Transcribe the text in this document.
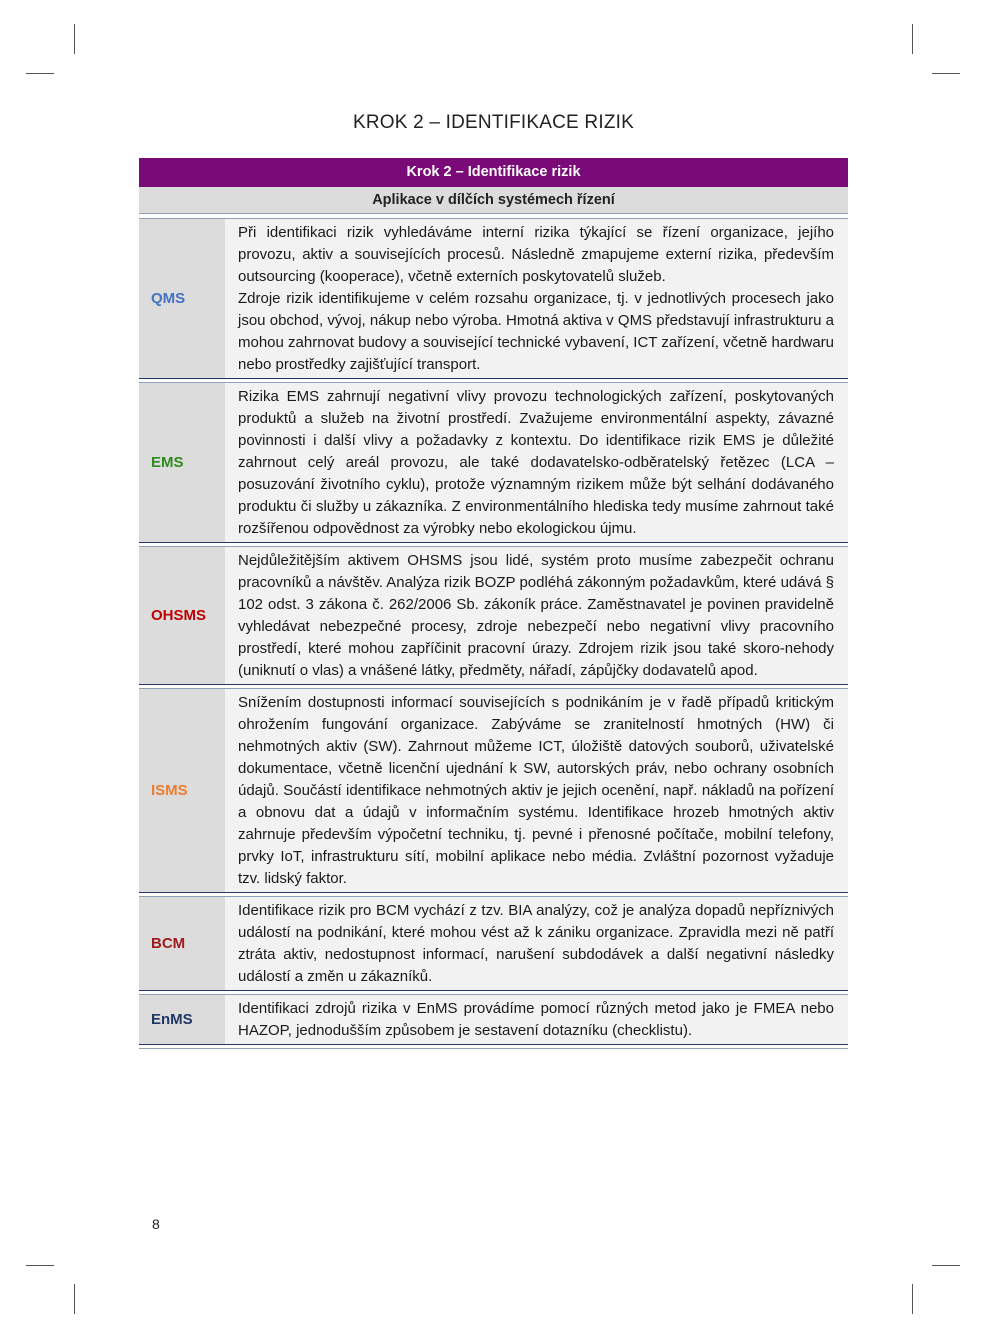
KROK 2 – IDENTIFIKACE RIZIK
Krok 2 – Identifikace rizik
Aplikace v dílčích systémech řízení
QMS

Při identifikaci rizik vyhledáváme interní rizika týkající se řízení organizace, jejího provozu, aktiv a souvisejících procesů. Následně zmapujeme externí rizika, především outsourcing (kooperace), včetně externích poskytovatelů služeb.

Zdroje rizik identifikujeme v celém rozsahu organizace, tj. v jednotlivých procesech jako jsou obchod, vývoj, nákup nebo výroba. Hmotná aktiva v QMS představují infrastrukturu a mohou zahrnovat budovy a související technické vybavení, ICT zařízení, včetně hardwaru nebo prostředky zajišťující transport.

EMS

Rizika EMS zahrnují negativní vlivy provozu technologických zařízení, poskytovaných produktů a služeb na životní prostředí. Zvažujeme environmentální aspekty, závazné povinnosti i další vlivy a požadavky z kontextu. Do identifikace rizik EMS je důležité zahrnout celý areál provozu, ale také dodavatelsko-odběratelský řetězec (LCA – posuzování životního cyklu), protože významným rizikem může být selhání dodávaného produktu či služby u zákazníka. Z environmentálního hlediska tedy musíme zahrnout také rozšířenou odpovědnost za výrobky nebo ekologickou újmu.

OHSMS

Nejdůležitějším aktivem OHSMS jsou lidé, systém proto musíme zabezpečit ochranu pracovníků a návštěv. Analýza rizik BOZP podléhá zákonným požadavkům, které udává § 102 odst. 3 zákona č. 262/2006 Sb. zákoník práce. Zaměstnavatel je povinen pravidelně vyhledávat nebezpečné procesy, zdroje nebezpečí nebo negativní vlivy pracovního prostředí, které mohou zapříčinit pracovní úrazy. Zdrojem rizik jsou také skoro-nehody (uniknutí o vlas) a vnášené látky, předměty, nářadí, zápůjčky dodavatelů apod.

ISMS

Snížením dostupnosti informací souvisejících s podnikáním je v řadě případů kritickým ohrožením fungování organizace. Zabýváme se zranitelností hmotných (HW) či nehmotných aktiv (SW). Zahrnout můžeme ICT, úložiště datových souborů, uživatelské dokumentace, včetně licenční ujednání k SW, autorských práv, nebo ochrany osobních údajů. Součástí identifikace nehmotných aktiv je jejich ocenění, např. nákladů na pořízení a obnovu dat a údajů v informačním systému. Identifikace hrozeb hmotných aktiv zahrnuje především výpočetní techniku, tj. pevné i přenosné počítače, mobilní telefony, prvky IoT, infrastrukturu sítí, mobilní aplikace nebo média. Zvláštní pozornost vyžaduje tzv. lidský faktor.

BCM

Identifikace rizik pro BCM vychází z tzv. BIA analýzy, což je analýza dopadů nepříznivých událostí na podnikání, které mohou vést až k zániku organizace. Zpravidla mezi ně patří ztráta aktiv, nedostupnost informací, narušení subdodávek a další negativní následky událostí a změn u zákazníků.

EnMS

Identifikaci zdrojů rizika v EnMS provádíme pomocí různých metod jako je FMEA nebo HAZOP, jednodušším způsobem je sestavení dotazníku (checklistu).

8
